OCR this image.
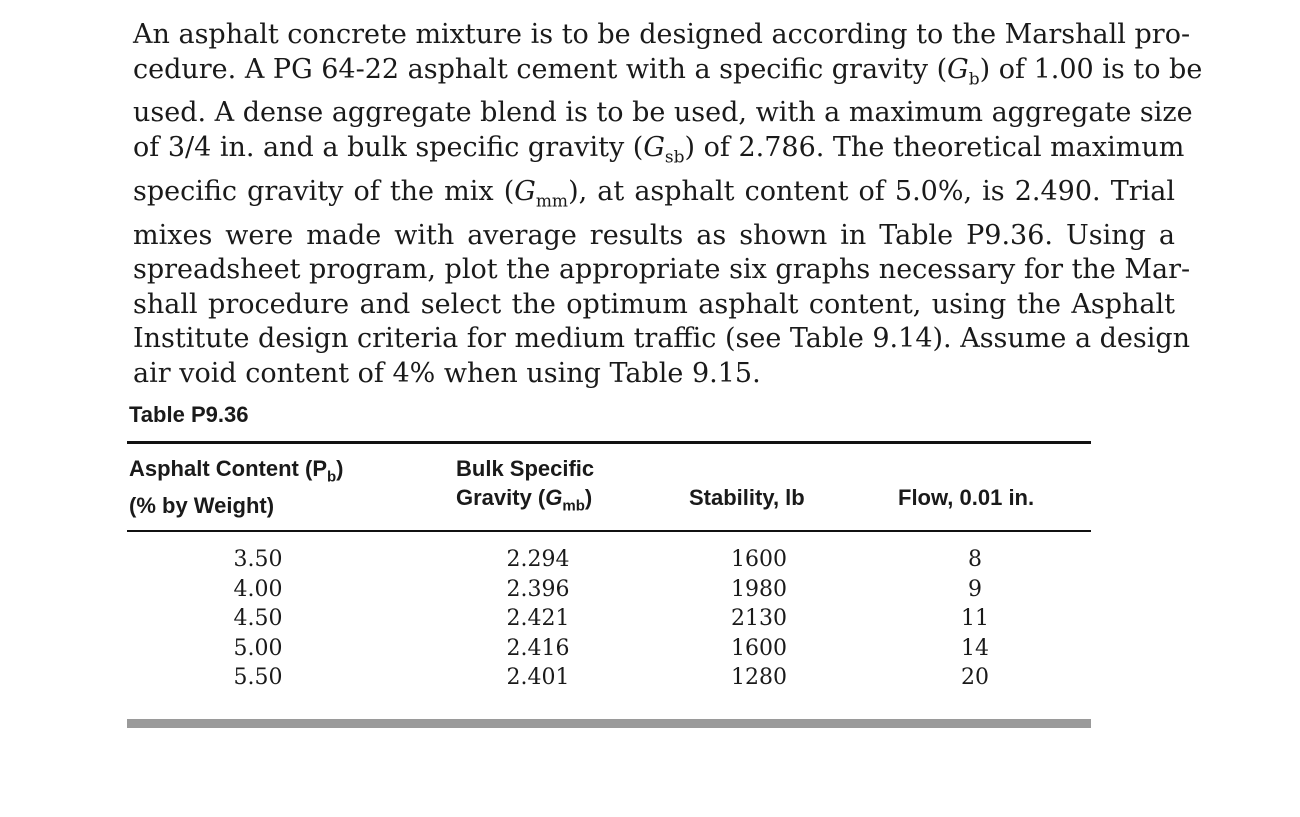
An asphalt concrete mixture is to be designed according to the Marshall pro-
cedure. A PG 64-22 asphalt cement with a specific gravity $(G_b)$ of 1.00 is to be
used. A dense aggregate blend is to be used, with a maximum aggregate size
of 3/4 in. and a bulk specific gravity $(G_{sb})$ of 2.786. The theoretical maximum
specific gravity of the mix $(G_{mm})$, at asphalt content of 5.0%, is 2.490. Trial
mixes were made with average results as shown in Table P9.36. Using a
spreadsheet program, plot the appropriate six graphs necessary for the Mar-
shall procedure and select the optimum asphalt content, using the Asphalt
Institute design criteria for medium traffic (see Table 9.14). Assume a design
air void content of 4% when using Table 9.15.
Table P9.36
Asphalt Content $(P_b)$
(% by Weight)
Bulk Specific
Gravity $(G_{mb})$	Stability, lb	Flow, 0.01 in.
3.50
4.00
4.50
5.00
5.50
2.294
2.396
2.421
2.416
2.401
1600
1980
2130
1600
1280
8
9
11
14
20
